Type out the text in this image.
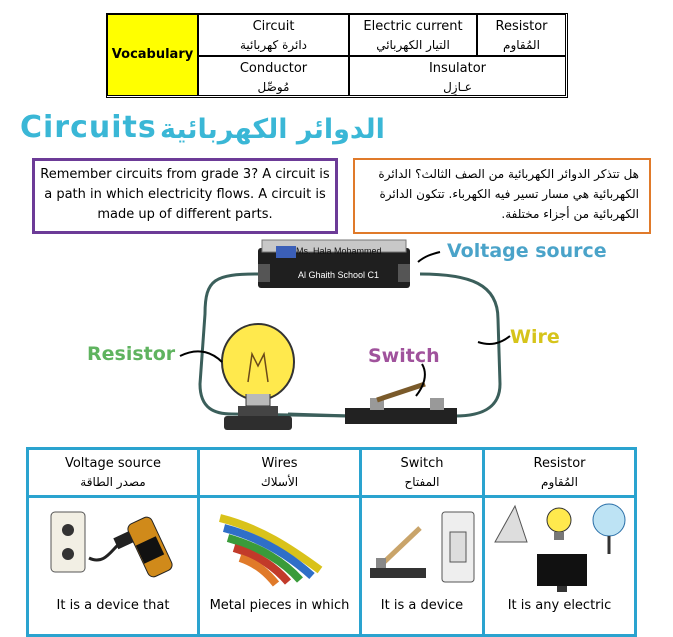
Vocabulary
Circuit
دائرة كهربائية
Electric current
التيار الكهربائي
Resistor
المُقاوم
Conductor
مُوصِّل
Insulator
عـازِل
Circuits الدوائر الكهربائية
Remember circuits from grade 3? A circuit is a path in which electricity flows. A circuit is made up of different parts.
هل تتذكر الدوائر الكهربائية من الصف الثالث؟ الدائرة الكهربائية هي مسار تسير فيه الكهرباء. تتكون الدائرة الكهربائية من أجزاء مختلفة.
Ms. Hala Mohammed
Al Ghaith School C1
Voltage source
Wire
Resistor	Switch
Voltage source
مصدر الطاقة
It is a device that
Wires
الأسلاك
Metal pieces in which
Switch
المفتاح
It is a device
Resistor
المُقاوم
It is any electric
